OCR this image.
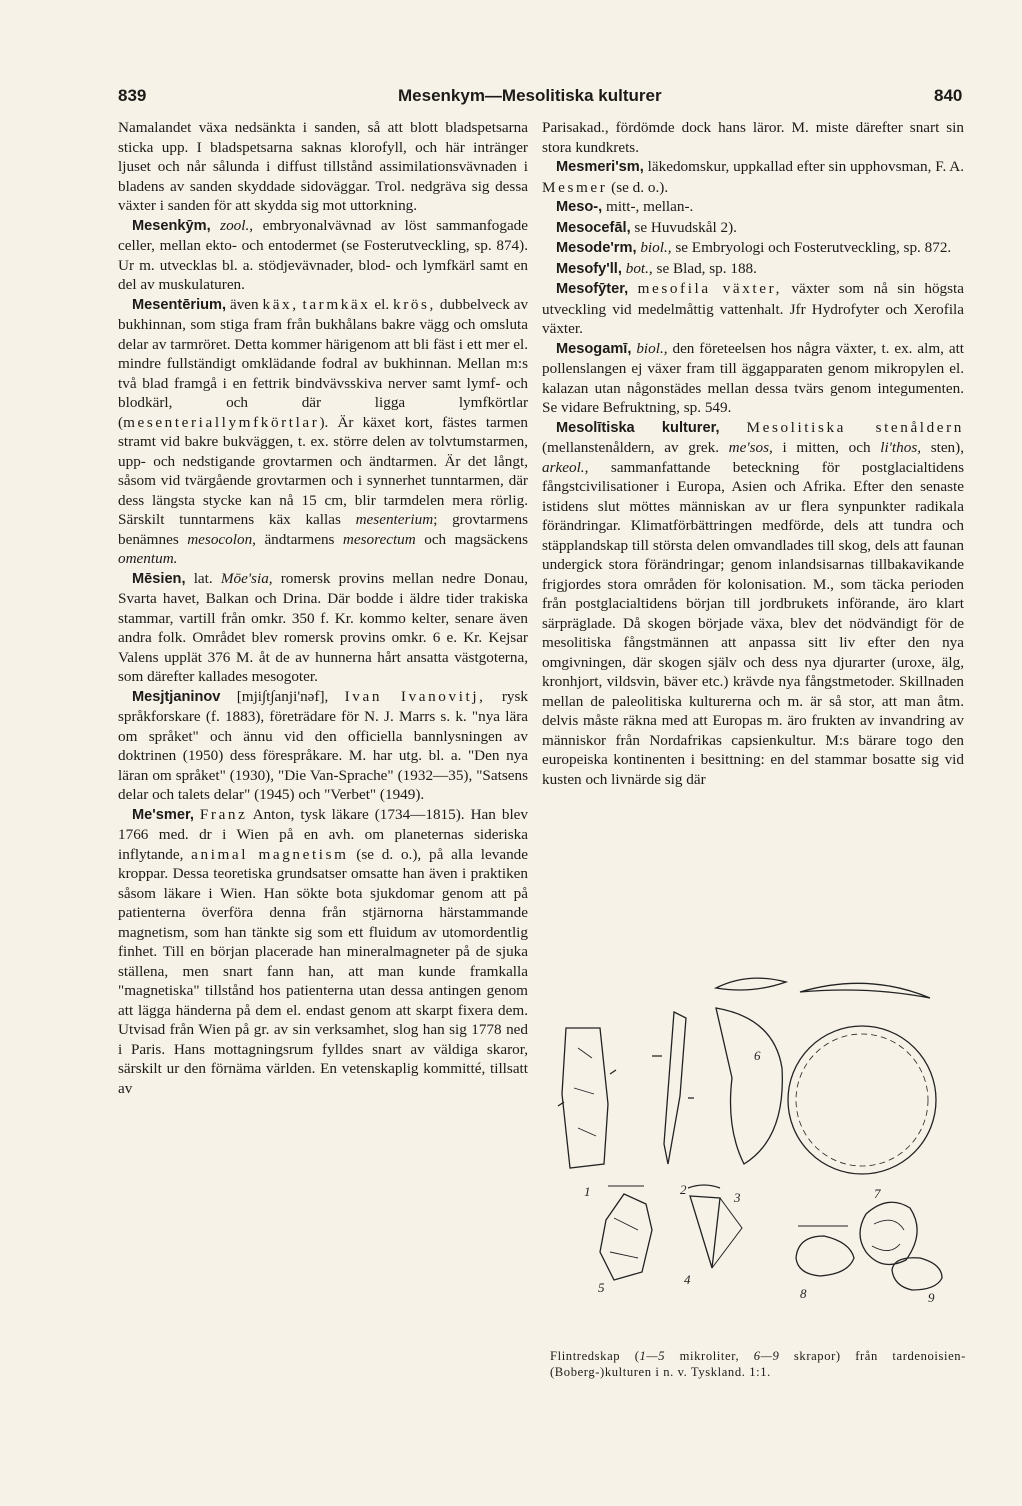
839	Mesenkym—Mesolitiska kulturer	840

Namalandet växa nedsänkta i sanden, så att blott bladspetsarna sticka upp. I bladspetsarna saknas klorofyll, och här intränger ljuset och når sålunda i diffust tillstånd assimilationsvävnaden i bladens av sanden skyddade sidoväggar. Trol. nedgräva sig dessa växter i sanden för att skydda sig mot uttorkning.

Mesenkȳm, zool., embryonalvävnad av löst sammanfogade celler, mellan ekto- och entodermet (se Fosterutveckling, sp. 874). Ur m. utvecklas bl. a. stödjevävnader, blod- och lymfkärl samt en del av muskulaturen.

Mesentērium, även käx, tarmkäx el. krös, dubbelveck av bukhinnan, som stiga fram från bukhålans bakre vägg och omsluta delar av tarmröret. Detta kommer härigenom att bli fäst i ett mer el. mindre fullständigt omklädande fodral av bukhinnan. Mellan m:s två blad framgå i en fettrik bindvävsskiva nerver samt lymf- och blodkärl, och där ligga lymfkörtlar (mesenteriallymfkörtlar). Är käxet kort, fästes tarmen stramt vid bakre bukväggen, t. ex. större delen av tolvtumstarmen, upp- och nedstigande grovtarmen och ändtarmen. Är det långt, såsom vid tvärgående grovtarmen och i synnerhet tunntarmen, där dess längsta stycke kan nå 15 cm, blir tarmdelen mera rörlig. Särskilt tunntarmens käx kallas mesenterium; grovtarmens benämnes mesocolon, ändtarmens mesorectum och magsäckens omentum.

Mēsien, lat. Mōe'sia, romersk provins mellan nedre Donau, Svarta havet, Balkan och Drina. Där bodde i äldre tider trakiska stammar, vartill från omkr. 350 f. Kr. kommo kelter, senare även andra folk. Området blev romersk provins omkr. 6 e. Kr. Kejsar Valens upplät 376 M. åt de av hunnerna hårt ansatta västgoterna, som därefter kallades mesogoter.

Mesjtjaninov [mji∫t∫anji'nəf], Ivan Ivanovitj, rysk språkforskare (f. 1883), företrädare för N. J. Marrs s. k. "nya lära om språket" och ännu vid den officiella bannlysningen av doktrinen (1950) dess förespråkare. M. har utg. bl. a. "Den nya läran om språket" (1930), "Die Van-Sprache" (1932—35), "Satsens delar och talets delar" (1945) och "Verbet" (1949).

Me'smer, Franz Anton, tysk läkare (1734—1815). Han blev 1766 med. dr i Wien på en avh. om planeternas sideriska inflytande, animal magnetism (se d. o.), på alla levande kroppar. Dessa teoretiska grundsatser omsatte han även i praktiken såsom läkare i Wien. Han sökte bota sjukdomar genom att på patienterna överföra denna från stjärnorna härstammande magnetism, som han tänkte sig som ett fluidum av utomordentlig finhet. Till en början placerade han mineralmagneter på de sjuka ställena, men snart fann han, att man kunde framkalla "magnetiska" tillstånd hos patienterna utan dessa antingen genom att lägga händerna på dem el. endast genom att skarpt fixera dem. Utvisad från Wien på gr. av sin verksamhet, slog han sig 1778 ned i Paris. Hans mottagningsrum fylldes snart av väldiga skaror, särskilt ur den förnäma världen. En vetenskaplig kommitté, tillsatt av

Parisakad., fördömde dock hans läror. M. miste därefter snart sin stora kundkrets.

Mesmeri'sm, läkedomskur, uppkallad efter sin upphovsman, F. A. Mesmer (se d. o.).

Meso-, mitt-, mellan-.

Mesocefāl, se Huvudskål 2).

Mesode'rm, biol., se Embryologi och Fosterutveckling, sp. 872.

Mesofy'll, bot., se Blad, sp. 188.

Mesofȳter, mesofila växter, växter som nå sin högsta utveckling vid medelmåttig vattenhalt. Jfr Hydrofyter och Xerofila växter.

Mesogamī, biol., den företeelsen hos några växter, t. ex. alm, att pollenslangen ej växer fram till äggapparaten genom mikropylen el. kalazan utan någonstädes mellan dessa tvärs genom integumenten. Se vidare Befruktning, sp. 549.

Mesolītiska kulturer, Mesolitiska stenåldern (mellanstenåldern, av grek. me'sos, i mitten, och li'thos, sten), arkeol., sammanfattande beteckning för postglacialtidens fångstcivilisationer i Europa, Asien och Afrika. Efter den senaste istidens slut möttes människan av ur flera synpunkter radikala förändringar. Klimatförbättringen medförde, dels att tundra och stäpplandskap till största delen omvandlades till skog, dels att faunan undergick stora förändringar; genom inlandsisarnas tillbakavikande frigjordes stora områden för kolonisation. M., som täcka perioden från postglacialtidens början till jordbrukets införande, äro klart särpräglade. Då skogen började växa, blev det nödvändigt för de mesolitiska fångstmännen att anpassa sitt liv efter den nya omgivningen, där skogen själv och dess nya djurarter (uroxe, älg, kronhjort, vildsvin, bäver etc.) krävde nya fångstmetoder. Skillnaden mellan de paleolitiska kulturerna och m. är så stor, att man åtm. delvis måste räkna med att Europas m. äro frukten av invandring av människor från Nordafrikas capsienkultur. M:s bärare togo den europeiska kontinenten i besittning: en del stammar bosatte sig vid kusten och livnärde sig där

1	2
3
4
5
6
7
8	9
Flintredskap (1—5 mikroliter, 6—9 skrapor) från tardenoisien- (Boberg-)kulturen i n. v. Tyskland. 1:1.
